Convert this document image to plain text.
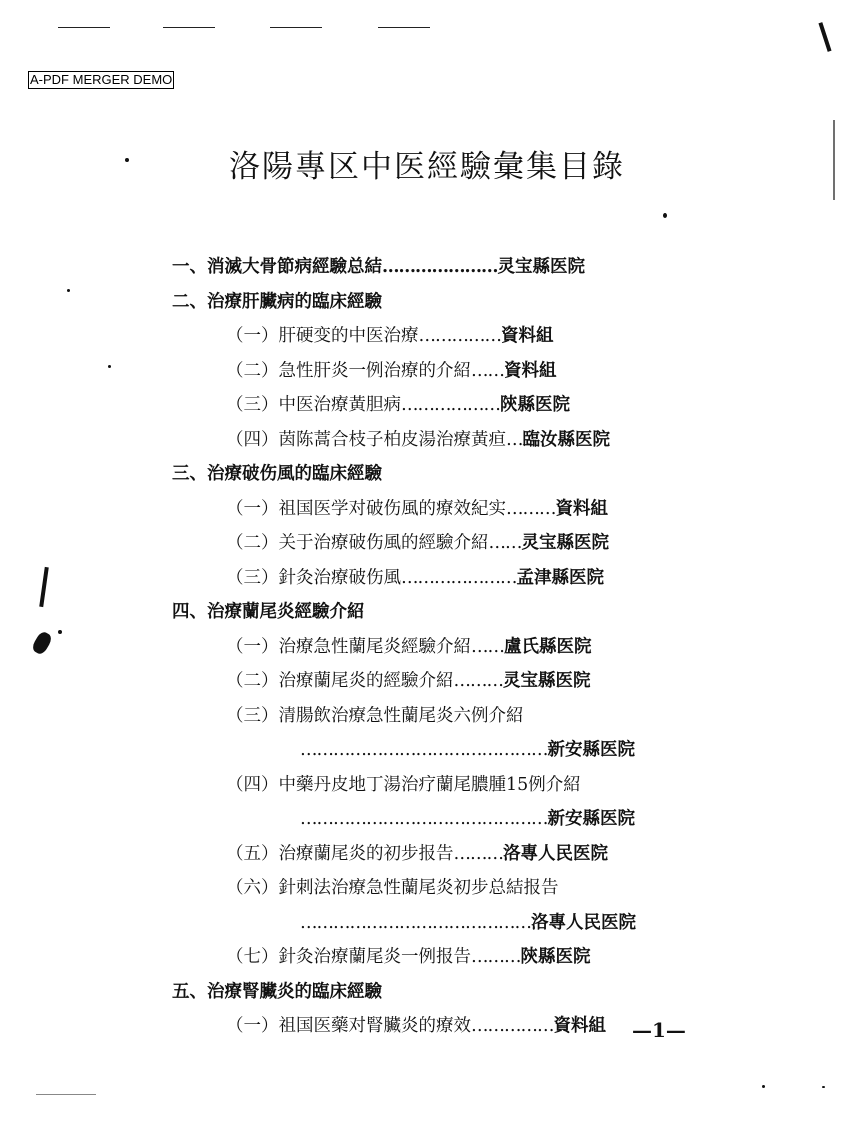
A-PDF MERGER DEMO
洛陽專区中医經驗彙集目錄
一、消滅大骨節病經驗总結…………………灵宝縣医院
二、治療肝臟病的臨床經驗
（一）肝硬变的中医治療……………資料組
（二）急性肝炎一例治療的介紹……資料組
（三）中医治療黃胆病………………陝縣医院
（四）茵陈蒿合枝子柏皮湯治療黃疸…臨汝縣医院
三、治療破伤風的臨床經驗
（一）祖国医学对破伤風的療效紀实………資料組
（二）关于治療破伤風的經驗介紹……灵宝縣医院
（三）針灸治療破伤風…………………孟津縣医院
四、治療蘭尾炎經驗介紹
（一）治療急性蘭尾炎經驗介紹……盧氏縣医院
（二）治療蘭尾炎的經驗介紹………灵宝縣医院
（三）清腸飲治療急性蘭尾炎六例介紹
………………………………………新安縣医院
（四）中藥丹皮地丁湯治疗蘭尾膿腫15例介紹
………………………………………新安縣医院
（五）治療蘭尾炎的初步报告………洛專人民医院
（六）針刺法治療急性蘭尾炎初步总結报告
……………………………………洛專人民医院
（七）針灸治療蘭尾炎一例报告………陝縣医院
五、治療腎臟炎的臨床經驗
（一）祖国医藥对腎臟炎的療效……………資料組	—1—
